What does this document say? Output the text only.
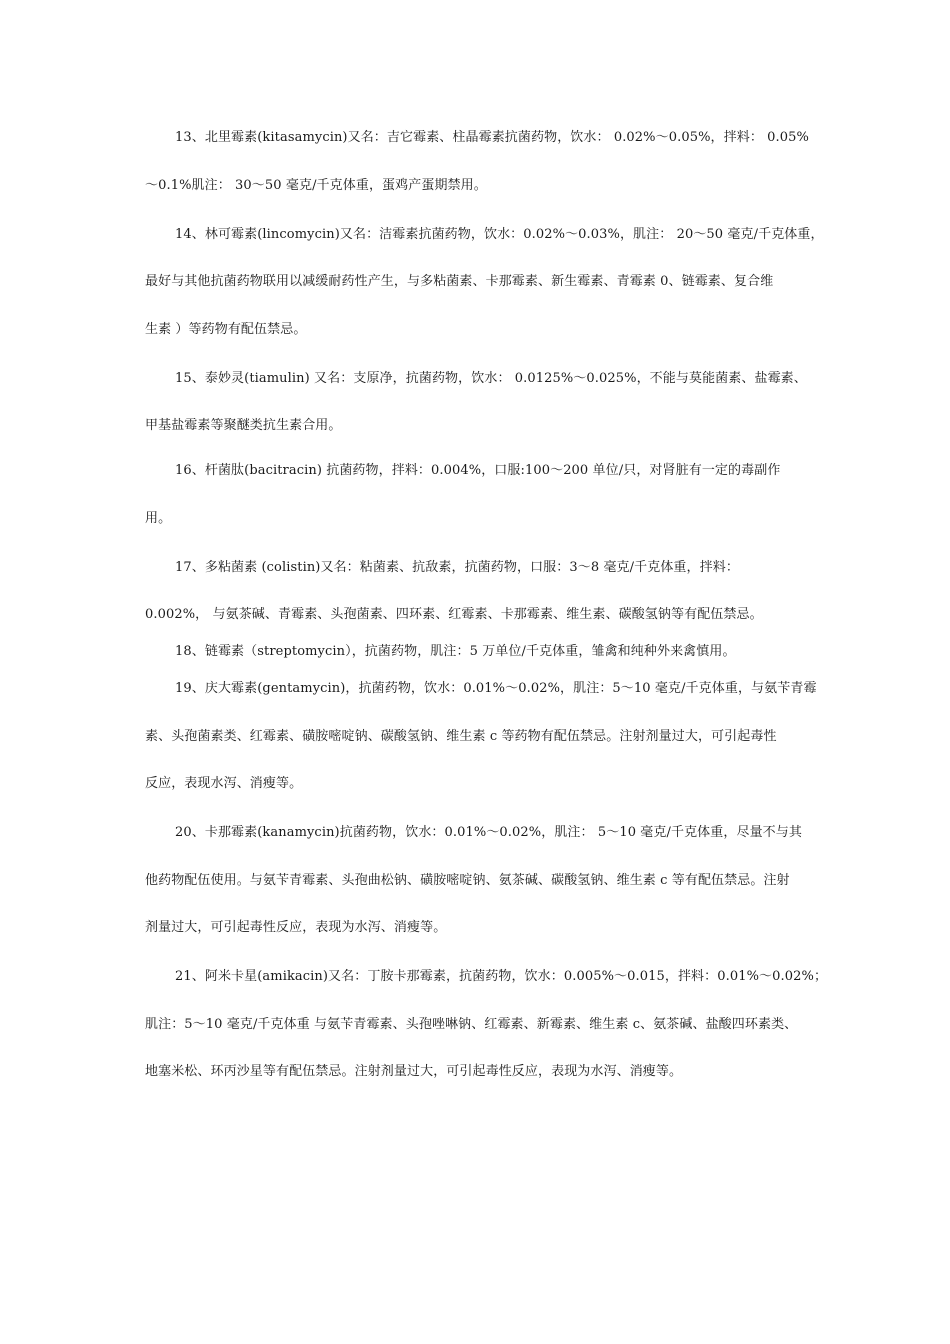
13、北里霉素(kitasamycin)又名：吉它霉素、柱晶霉素抗菌药物，饮水： 0.02%～0.05%，拌料： 0.05%
～0.1%肌注： 30～50 毫克/千克体重，蛋鸡产蛋期禁用。
14、林可霉素(lincomycin)又名：洁霉素抗菌药物，饮水：0.02%～0.03%，肌注： 20～50 毫克/千克体重，
最好与其他抗菌药物联用以减缓耐药性产生，与多粘菌素、卡那霉素、新生霉素、青霉素 0、链霉素、复合维
生素 ）等药物有配伍禁忌。
15、泰妙灵(tiamulin) 又名：支原净，抗菌药物，饮水： 0.0125%～0.025%，不能与莫能菌素、盐霉素、
甲基盐霉素等聚醚类抗生素合用。
16、杆菌肽(bacitracin) 抗菌药物，拌料：0.004%，口服:100～200 单位/只，对肾脏有一定的毒副作
用。
17、多粘菌素 (colistin)又名：粘菌素、抗敌素，抗菌药物，口服：3～8 毫克/千克体重，拌料：
0.002%， 与氨茶碱、青霉素、头孢菌素、四环素、红霉素、卡那霉素、维生素、碳酸氢钠等有配伍禁忌。
18、链霉素（streptomycin），抗菌药物，肌注：5 万单位/千克体重，雏禽和纯种外来禽慎用。
19、庆大霉素(gentamycin)，抗菌药物，饮水：0.01%～0.02%，肌注：5～10 毫克/千克体重，与氨苄青霉
素、头孢菌素类、红霉素、磺胺嘧啶钠、碳酸氢钠、维生素 c 等药物有配伍禁忌。注射剂量过大，可引起毒性
反应，表现水泻、消瘦等。
20、卡那霉素(kanamycin)抗菌药物，饮水：0.01%～0.02%，肌注： 5～10 毫克/千克体重，尽量不与其
他药物配伍使用。与氨苄青霉素、头孢曲松钠、磺胺嘧啶钠、氨茶碱、碳酸氢钠、维生素 c 等有配伍禁忌。注射
剂量过大，可引起毒性反应，表现为水泻、消瘦等。
21、阿米卡星(amikacin)又名：丁胺卡那霉素，抗菌药物，饮水：0.005%～0.015，拌料：0.01%～0.02%；
肌注：5～10 毫克/千克体重 与氨苄青霉素、头孢唑啉钠、红霉素、新霉素、维生素 c、氨茶碱、盐酸四环素类、
地塞米松、环丙沙星等有配伍禁忌。注射剂量过大，可引起毒性反应，表现为水泻、消瘦等。
